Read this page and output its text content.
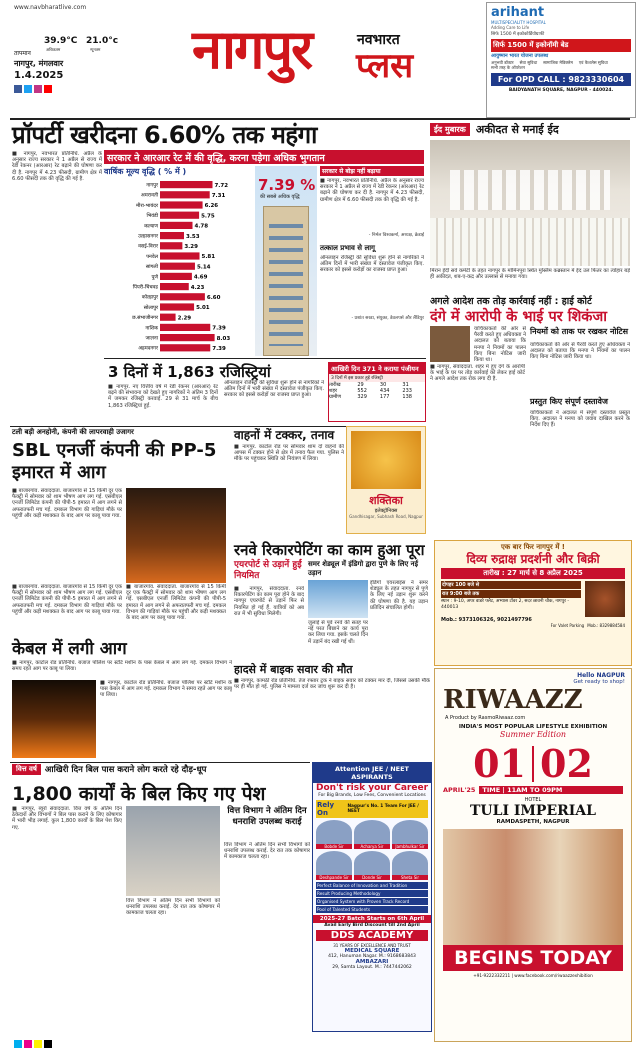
www.navbharatlive.com
तापमान
39.9°C
अधिकतम
21.0°c
न्यूनतम
नागपुर, मंगलवार
1.4.2025 नागपुर	नवभारत
प्लस
arihant
MULTISPECIALITY HOSPITAL
Adding Care to Life
सिर्फ 1500 में इकोकोर्डियोग्राफी
सिर्फ 1500 में इकोनॉमी बेड
आयुष्मान भारत योजना उपलब्ध
अनुभवी डॉक्टर सेवा सुविधा सामाजिक मेडिक्लेम एवं कैशलेस सुविधा
सभी तरह के ऑपरेशन
For OPD CALL : 9823330604
BAIDYANATH SQUARE, NAGPUR - 440024.
प्रॉपर्टी खरीदना 6.60% तक महंगा
■ नागपुर, नवभारत प्रतिनिधि. अप्रैल के अनुसार राज्य सरकार ने 1 अप्रैल से राज्य में रेडी रेकनर (आरआर) रेट बढ़ाने की घोषणा कर दी है. नागपुर में 4.23 फीसदी, ग्रामीण क्षेत्र में 6.60 फीसदी तक की वृद्धि की गई है.
सरकार ने आरआर रेट में की वृद्धि, करना पड़ेगा अधिक भुगतान
वार्षिक मूल्य वृद्धि ( % में )
नागपुर	7.72
अमरावती	7.31
मीरा-भायंदर	6.26
भिवंडी	5.75
कल्याण	4.78
उल्हासनगर	3.53
वसई-विरार	3.29
पनवेल	5.81
सांगली	5.14
पुणे	4.69
पिंपरी-चिंचवड	4.23
कोल्हापुर	6.60
सोलापुर	5.01
छ.संभाजीनगर	2.29
नाशिक	7.39
जालना	8.03
अहमदनगर	7.39
7.39 %
की सबसे अधिक वृद्धि
सरकार से बोझ नहीं बढ़ाया
■ नागपुर, नवभारत प्रतिनिधि. अप्रैल के अनुसार राज्य सरकार ने 1 अप्रैल से राज्य में रेडी रेकनर (आरआर) रेट बढ़ाने की घोषणा कर दी है. नागपुर में 4.23 फीसदी, ग्रामीण क्षेत्र में 6.60 फीसदी तक की वृद्धि की गई है.
- निर्मल विश्वकर्मा, अध्यक्ष, क्रेडाई
तत्काल प्रभाव से लागू
ऑनलाइन रजिस्ट्री की सुविधा शुरू होने से नागरिकों ने अंतिम दिनों में भारी संख्या में दस्तावेज पंजीकृत किए. सरकार को इससे करोड़ों का राजस्व प्राप्त हुआ।
- प्रशांत सरडा, संयुक्त, डेवलपर्स और लैंडिपुर
ईद मुबारक अकीदत से मनाई ईद
मिरान ईदी सर्वे कमेटी के तहत नागपुर के मोमिनपुरा स्थित मुस्लिम कब्रस्तान में ईद उल फितर का त्योहार बड़े ही अकीदत, शब-ए-कद्र और उल्लास से मनाया गया।
अगले आदेश तक तोड़ कार्रवाई नहीं : हाई कोर्ट
दंगे में आरोपी के भाई पर शिकंजा
■ नागपुर, संवाददाता. शहर में हुए दंगे के आरोपी के भाई के घर पर तोड़ कार्रवाई को लेकर हाई कोर्ट ने अगले आदेश तक रोक लगा दी है.
याचिकाकर्ता की ओर से पैरवी करते हुए अधिवक्ता ने अदालत को बताया कि मनपा ने नियमों का पालन किए बिना नोटिस जारी किया था।
नियमों को ताक पर रखकर नोटिस
याचिकाकर्ता की ओर से पैरवी करते हुए अधिवक्ता ने अदालत को बताया कि मनपा ने नियमों का पालन किए बिना नोटिस जारी किया था।
प्रस्तुत किए संपूर्ण दस्तावेज
याचिकाकर्ता ने अदालत में संपूर्ण दस्तावेज प्रस्तुत किए. अदालत ने मनपा को जवाब दाखिल करने के निर्देश दिए हैं।
3 दिनों में 1,863 रजिस्ट्रियां
■ नागपुर. नए वित्तीय वर्ष में रेडी रेकनर (आरआर) रेट बढ़ने की संभावना को देखते हुए नागरिकों ने अंतिम 3 दिनों में जमकर रजिस्ट्री करवाई. 29 से 31 मार्च के बीच 1,863 रजिस्ट्रियां हुईं.
ऑनलाइन रजिस्ट्री की सुविधा शुरू होने से नागरिकों ने अंतिम दिनों में भारी संख्या में दस्तावेज पंजीकृत किए. सरकार को इससे करोड़ों का राजस्व प्राप्त हुआ।
आखिरी दिन 371 ने कराया पंजीयन
3 दिनों में इस प्रकार हुई रजिस्ट्री
तारीख	29	30	31
शहर	552	434	233
ग्रामीण	329	177	138
टली बड़ी अनहोनी, कंपनी की लापरवाही उजागर
SBL एनर्जी कंपनी की PP-5 इमारत में आग
■ बाजारगांव. संवाददाता. बाजारगांव से 15 किमी दूर एक फैक्ट्री में सोमवार को शाम भीषण आग लग गई. एसबीएल एनर्जी लिमिटेड कंपनी की पीपी-5 इमारत में आग लगने से अफरातफरी मच गई. दमकल विभाग की गाड़ियां मौके पर पहुंचीं और कड़ी मशक्कत के बाद आग पर काबू पाया गया.
■ बाजारगांव. संवाददाता. बाजारगांव से 15 किमी दूर एक फैक्ट्री में सोमवार को शाम भीषण आग लग गई. एसबीएल एनर्जी लिमिटेड कंपनी की पीपी-5 इमारत में आग लगने से अफरातफरी मच गई. दमकल विभाग की गाड़ियां मौके पर पहुंचीं और कड़ी मशक्कत के बाद आग पर काबू पाया गया.
■ बाजारगांव. संवाददाता. बाजारगांव से 15 किमी दूर एक फैक्ट्री में सोमवार को शाम भीषण आग लग गई. एसबीएल एनर्जी लिमिटेड कंपनी की पीपी-5 इमारत में आग लगने से अफरातफरी मच गई. दमकल विभाग की गाड़ियां मौके पर पहुंचीं और कड़ी मशक्कत के बाद आग पर काबू पाया गया.
वाहनों में टक्कर, तनाव
■ नागपुर. काटोल रोड पर सोमवार शाम दो वाहनों की आपस में टक्कर होने से क्षेत्र में तनाव फैल गया. पुलिस ने मौके पर पहुंचकर स्थिति को नियंत्रण में लिया।
शक्तिका
इलेक्ट्रॉनिक्स
Gandhisagar, Subhash Road, Nagpur
रनवे रिकारपेटिंग का काम हुआ पूरा
एयरपोर्ट से उड़ानें हुईं नियमित
■ नागपुर, संवाददाता. रनवे रिकारपेटिंग का काम पूरा होने के बाद नागपुर एयरपोर्ट से उड़ानें फिर से नियमित हो गई हैं. यात्रियों को अब रात में भी सुविधा मिलेगी।
समर शेड्यूल में इंडिगो द्वारा पुणे के लिए नई उड़ान
जुलाई से पूर्व रनवे की सतह पर नई परत बिछाने का कार्य पूरा कर लिया गया. इसके चलते दिन में उड़ानें बंद रखी गई थीं।
इंडिगो एयरलाइंस ने समर शेड्यूल के तहत नागपुर से पुणे के लिए नई उड़ान शुरू करने की घोषणा की है. यह उड़ान प्रतिदिन संचालित होगी।
केबल में लगी आग
■ नागपुर, काटोल रोड प्रतिनिधि. बजाज पोलिश पर स्टॉर्ट मशीन के पास केबल में आग लग गई. दमकल विभाग ने समय रहते आग पर काबू पा लिया।
■ नागपुर, काटोल रोड प्रतिनिधि. बजाज पोलिश पर स्टॉर्ट मशीन के पास केबल में आग लग गई. दमकल विभाग ने समय रहते आग पर काबू पा लिया।
हादसे में बाइक सवार की मौत
■ नागपुर, कामठी रोड प्रतिनिधि. तेज रफ्तार ट्रक ने बाइक सवार को टक्कर मार दी, जिससे उसकी मौके पर ही मौत हो गई. पुलिस ने मामला दर्ज कर जांच शुरू कर दी है।
वित्त वर्ष आखिरी दिन बिल पास कराने लोग करते रहे दौड़-धूप
1,800 कार्यों के बिल किए गए पेश
■ नागपुर, ब्यूरो संवाददाता. वित्त वर्ष के अंतिम दिन ठेकेदारों और विभागों ने बिल पास कराने के लिए कोषागार में भारी भीड़ लगाई. कुल 1,800 कार्यों के बिल पेश किए गए.
वित्त विभाग ने अंतिम दिन सभी विभागों को धनराशि उपलब्ध कराई. देर रात तक कोषागार में कामकाज चलता रहा।
वित्त विभाग ने अंतिम दिन धनराशि उपलब्ध कराई
वित्त विभाग ने अंतिम दिन सभी विभागों को धनराशि उपलब्ध कराई. देर रात तक कोषागार में कामकाज चलता रहा।
Attention JEE / NEET ASPIRANTS
Don't risk your Career
For Big Brands, Low Fees, Convenient Locations
Rely On
Nagpur's No. 1 Team For JEE / NEET
Bobde Sir	Acharya Sir	Jambhulkar Sir
Deshpande Sir	Donde Sir	Sheta Sir
Perfect Balance of Innovation and Tradition
Result Producing Methodology
Organised System with Proven Track Record
Pool of Talented Students
2025-27 Batch Starts on 6th April
Avail Early Bird Discount till 2nd April
DDS ACADEMY
31 YEARS OF EXCELLENCE AND TRUST
MEDICAL SQUARE
412, Hanuman Nagar. M.: 9168683843
AMBAZARI
29, Samta Layout. M.: 7447442062
एक बार फिर नागपुर में !
दिव्य रुद्राक्ष प्रदर्शनी और बिक्री
तारीख : 27 मार्च से 8 अप्रैल 2025
दोपहर 100 बजे से
रात 9:00 बजे तक
स्थान : 9-10, अपर वाडरे फ्लैट, अभ्यास टॉवर 2, सदर छावनी चौक, नागपुर - 440013
Mob.: 9373106326, 9021497796
For Valet Parking Mob.: 8329884584
Hello NAGPUR
Get ready to shop!
RIWAAZZ
A Product by RasmoRiwaaz.com
INDIA'S MOST POPULAR LIFESTYLE EXHIBITION
Summer Edition
01 02
APRIL'25	TIME | 11AM TO 09PM
HOTEL
TULI IMPERIAL
RAMDASPETH, NAGPUR
BEGINS TODAY
+91-9222332211 | www.facebook.com/riwaazzexhibition
